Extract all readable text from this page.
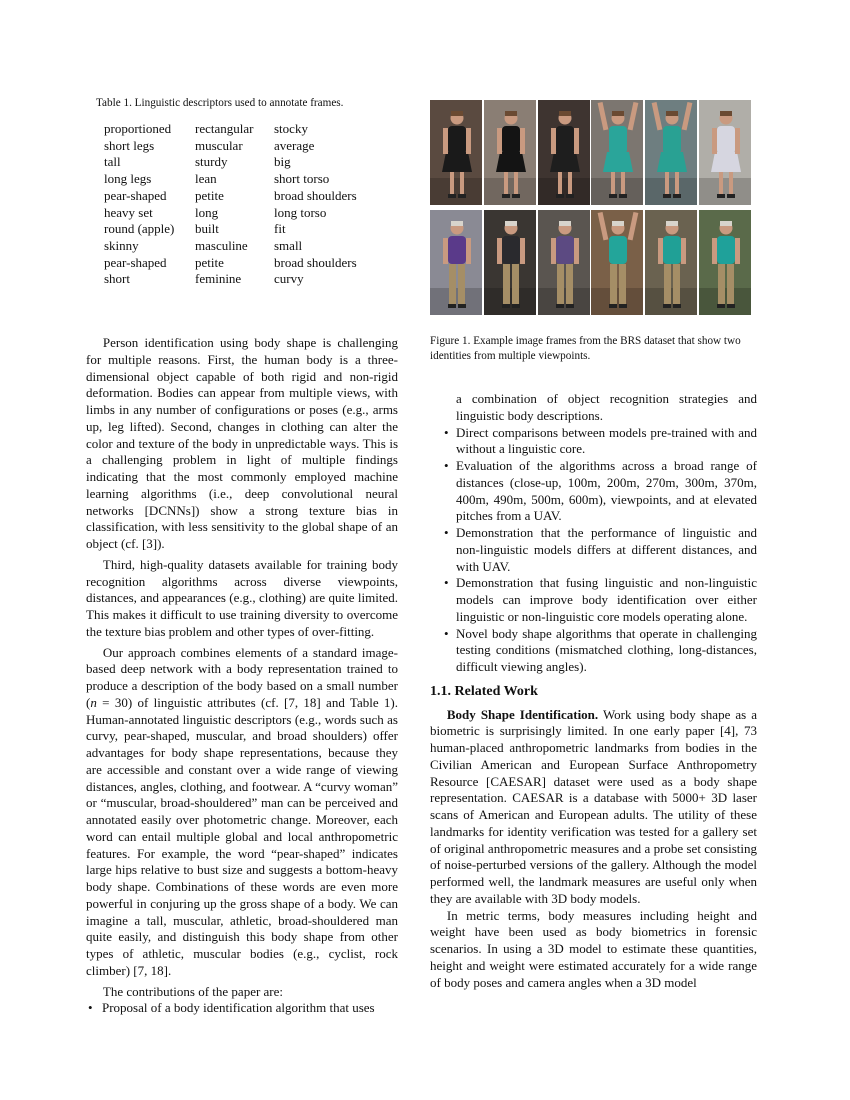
Table 1. Linguistic descriptors used to annotate frames.
proportioned	rectangular	stocky
short legs	muscular	average
tall	sturdy	big
long legs	lean	short torso
pear-shaped	petite	broad shoulders
heavy set	long	long torso
round (apple)	built	fit
skinny	masculine	small
pear-shaped	petite	broad shoulders
short	feminine	curvy
Figure 1. Example image frames from the BRS dataset that show two identities from multiple viewpoints.

Person identification using body shape is challenging for multiple reasons. First, the human body is a three-dimensional object capable of both rigid and non-rigid deformation. Bodies can appear from multiple views, with limbs in any number of configurations or poses (e.g., arms up, leg lifted). Second, changes in clothing can alter the color and texture of the body in unpredictable ways. This is a challenging problem in light of multiple findings indicating that the most commonly employed machine learning algorithms (i.e., deep convolutional neural networks [DCNNs]) show a strong texture bias in classification, with less sensitivity to the global shape of an object (cf. [3]).

Third, high-quality datasets available for training body recognition algorithms across diverse viewpoints, distances, and appearances (e.g., clothing) are quite limited. This makes it difficult to use training diversity to overcome the texture bias problem and other types of over-fitting.

Our approach combines elements of a standard image-based deep network with a body representation trained to produce a description of the body based on a small number (n = 30) of linguistic attributes (cf. [7, 18] and Table 1). Human-annotated linguistic descriptors (e.g., words such as curvy, pear-shaped, muscular, and broad shoulders) offer advantages for body shape representations, because they are accessible and constant over a wide range of viewing distances, angles, clothing, and footwear. A “curvy woman” or “muscular, broad-shouldered” man can be perceived and annotated easily over photometric change. Moreover, each word can entail multiple global and local anthropometric features. For example, the word “pear-shaped” indicates large hips relative to bust size and suggests a bottom-heavy body shape. Combinations of these words are even more powerful in conjuring up the gross shape of a body. We can imagine a tall, muscular, athletic, broad-shouldered man quite easily, and distinguish this body shape from other types of athletic, muscular bodies (e.g., cyclist, rock climber) [7, 18].

The contributions of the paper are:

• Proposal of a body identification algorithm that uses

a combination of object recognition strategies and linguistic body descriptions.

• Direct comparisons between models pre-trained with and without a linguistic core.
• Evaluation of the algorithms across a broad range of distances (close-up, 100m, 200m, 270m, 300m, 370m, 400m, 490m, 500m, 600m), viewpoints, and at elevated pitches from a UAV.
• Demonstration that the performance of linguistic and non-linguistic models differs at different distances, and with UAV.
• Demonstration that fusing linguistic and non-linguistic models can improve body identification over either linguistic or non-linguistic core models operating alone.
• Novel body shape algorithms that operate in challenging testing conditions (mismatched clothing, long-distances, difficult viewing angles).
1.1. Related Work

Body Shape Identification. Work using body shape as a biometric is surprisingly limited. In one early paper [4], 73 human-placed anthropometric landmarks from bodies in the Civilian American and European Surface Anthropometry Resource [CAESAR] dataset were used as a body shape representation. CAESAR is a database with 5000+ 3D laser scans of American and European adults. The utility of these landmarks for identity verification was tested for a gallery set of original anthropometric measures and a probe set consisting of noise-perturbed versions of the gallery. Although the model performed well, the landmark measures are useful only when they are available with 3D body models.

In metric terms, body measures including height and weight have been used as body biometrics in forensic scenarios. In using a 3D model to estimate these quantities, height and weight were estimated accurately for a wide range of body poses and camera angles when a 3D model
